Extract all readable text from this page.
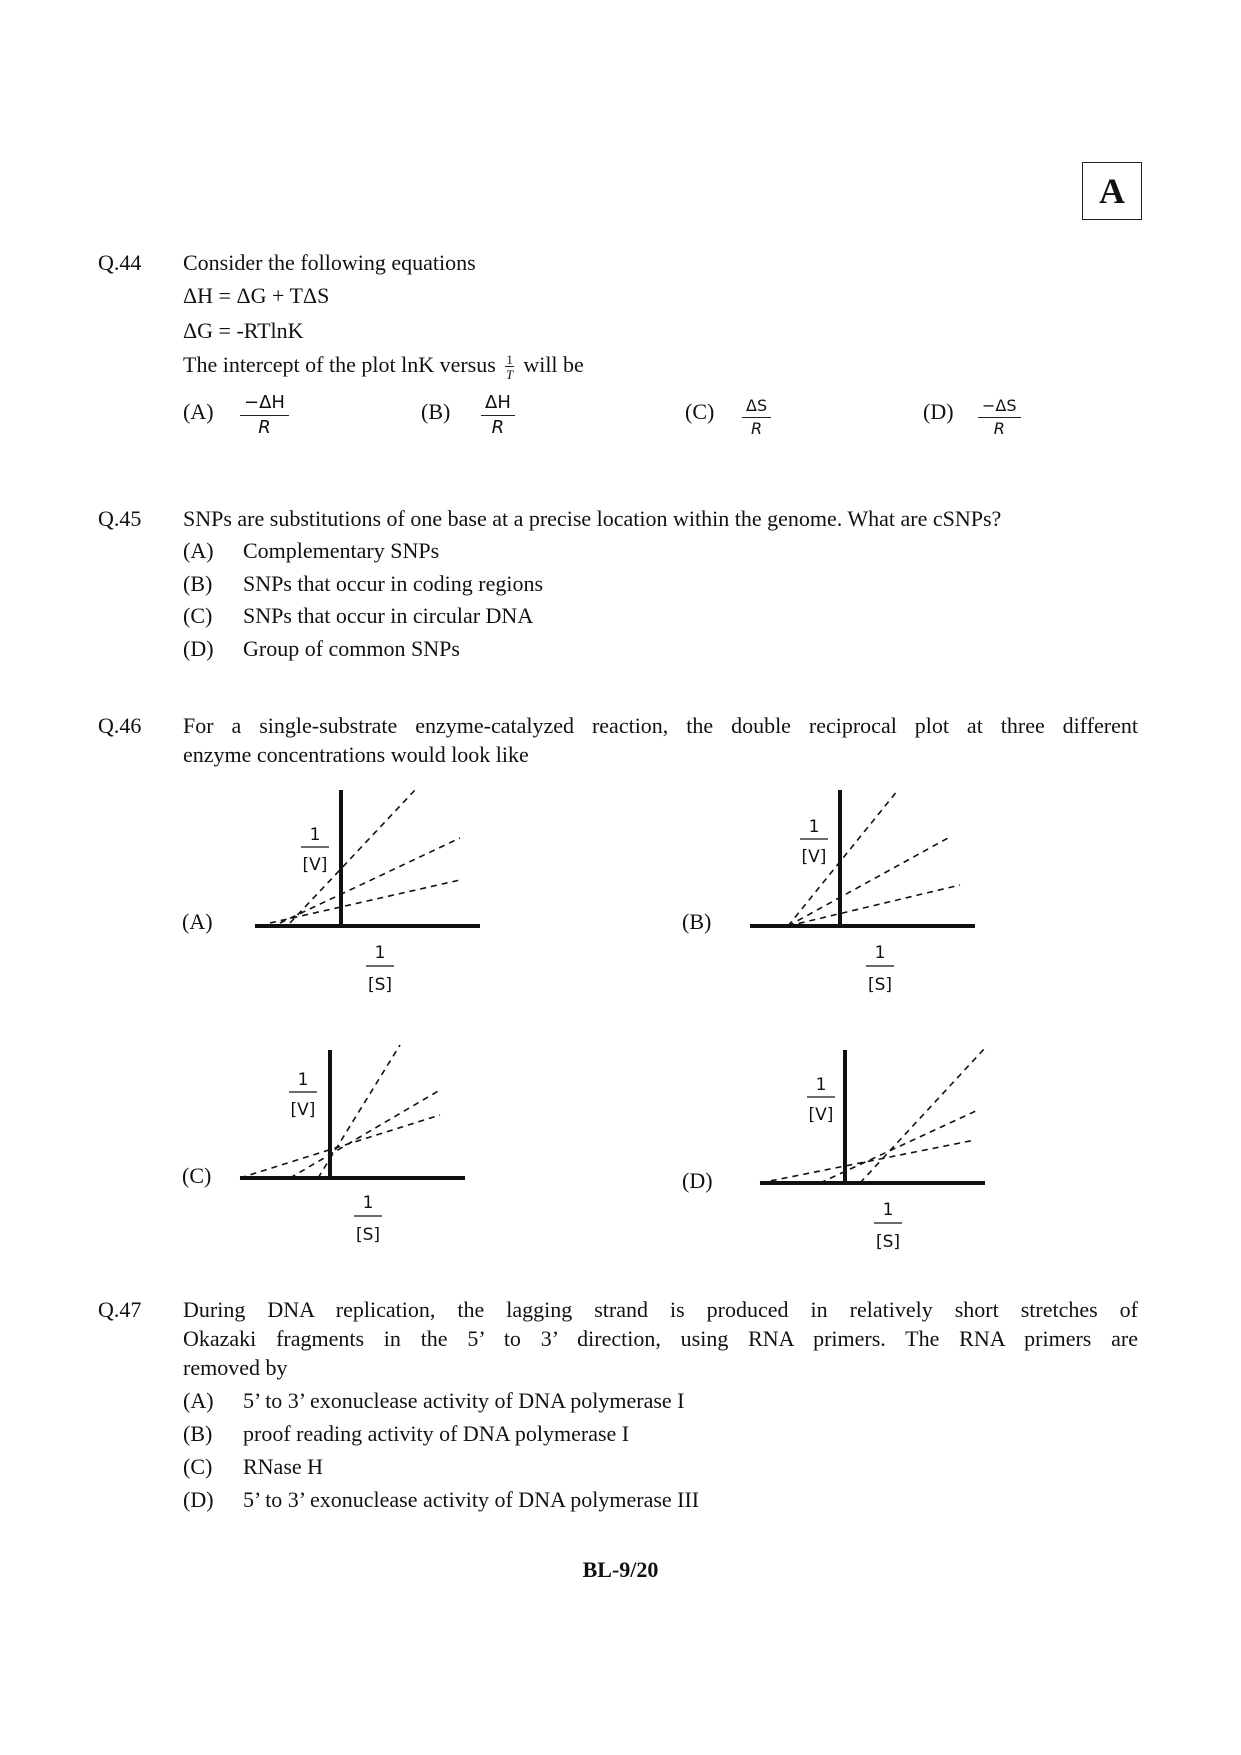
A
Q.44 Consider the following equations
ΔH = ΔG + TΔS
ΔG = -RTlnK
The intercept of the plot lnK versus $\frac{1}{T}$ will be
$(A) \frac{-\Delta H}{R}$	$(B) \frac{\Delta H}{R}$	$(C) \frac{\Delta S}{R}$	$(D) \frac{-\Delta S}{R}$
Q.45 SNPs are substitutions of one base at a precise location within the genome. What are cSNPs?
(A) Complementary SNPs
(B) SNPs that occur in coding regions
(C) SNPs that occur in circular DNA
(D) Group of common SNPs
Q.46 For a single-substrate enzyme-catalyzed reaction, the double reciprocal plot at three different
enzyme concentrations would look like
(A)	(B)
(C)	(D)
1
[V]
1
[S]
1
[V]
1
[S]
1
[V]
1
[S]
1
[V]
1
[S]
Q.47 During DNA replication, the lagging strand is produced in relatively short stretches of
Okazaki fragments in the 5’ to 3’ direction, using RNA primers. The RNA primers are
removed by
(A) 5’ to 3’ exonuclease activity of DNA polymerase I
(B) proof reading activity of DNA polymerase I
(C) RNase H
(D) 5’ to 3’ exonuclease activity of DNA polymerase III
BL-9/20
